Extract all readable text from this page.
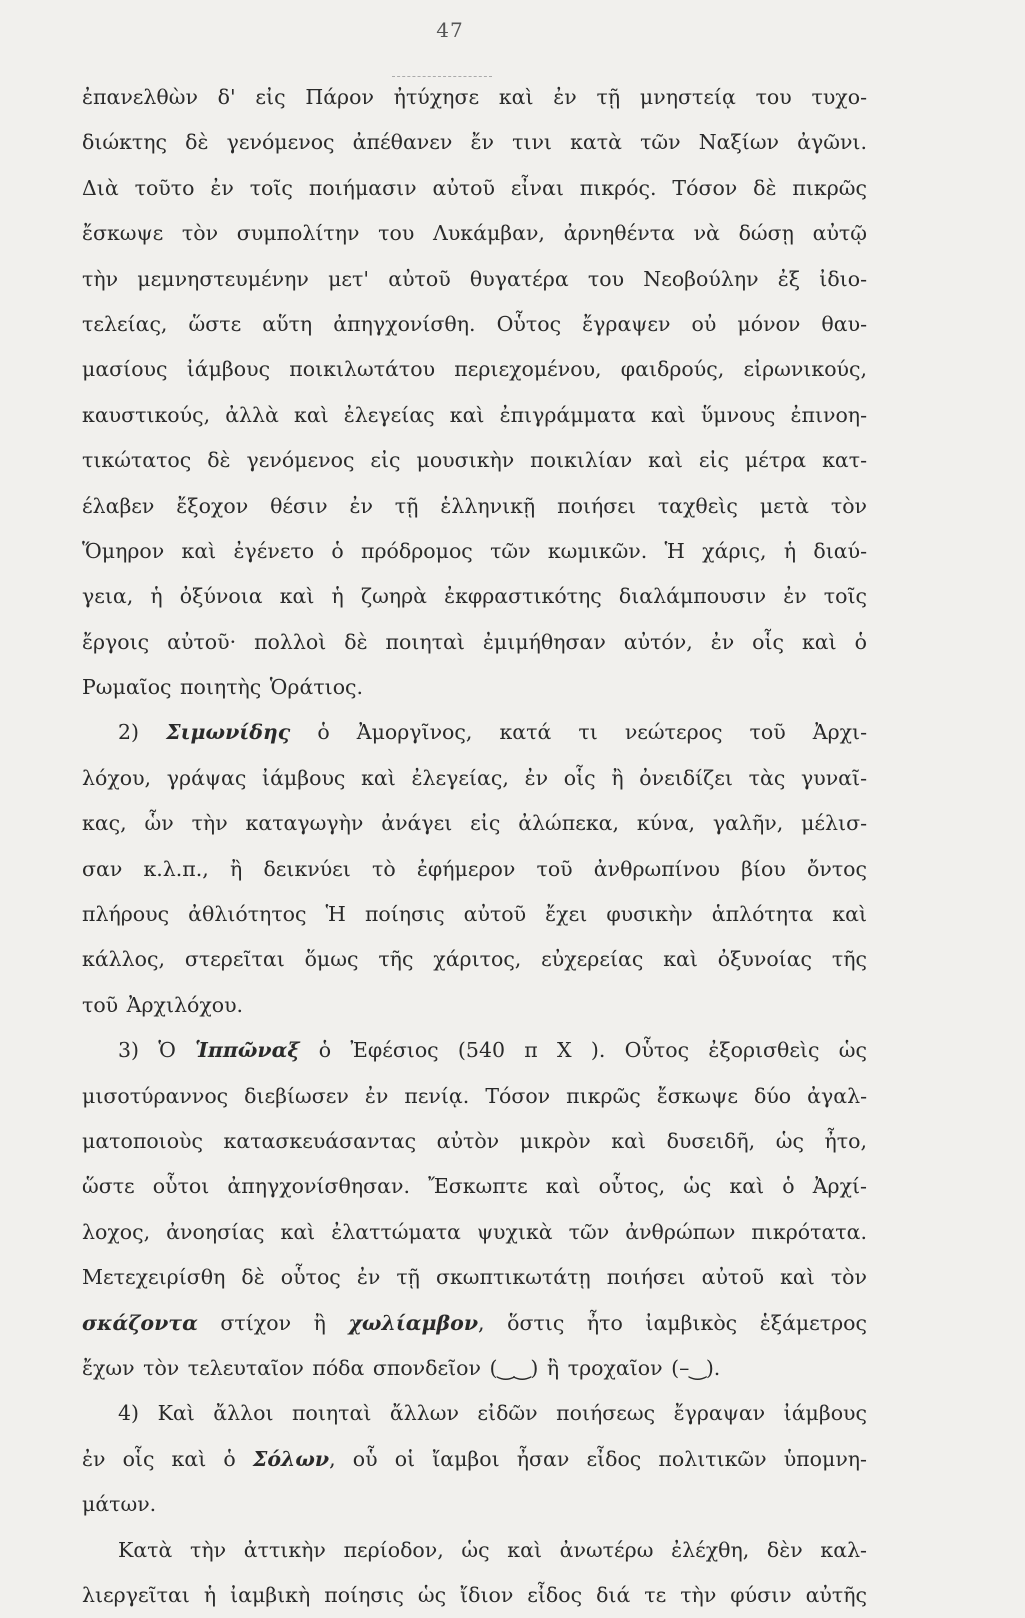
47
ἐπανελθὼν δ' εἰς Πάρον ἠτύχησε καὶ ἐν τῇ μνηστείᾳ του τυχο-
διώκτης δὲ γενόμενος ἀπέθανεν ἔν τινι κατὰ τῶν Ναξίων ἀγῶνι.
Διὰ τοῦτο ἐν τοῖς ποιήμασιν αὐτοῦ εἶναι πικρός. Τόσον δὲ πικρῶς
ἔσκωψε τὸν συμπολίτην του Λυκάμβαν, ἀρνηθέντα νὰ δώσῃ αὐτῷ
τὴν μεμνηστευμένην μετ' αὐτοῦ θυγατέρα του Νεοβούλην ἐξ ἰδιο-
τελείας, ὥστε αὕτη ἀπηγχονίσθη. Οὗτος ἔγραψεν οὐ μόνον θαυ-
μασίους ἰάμβους ποικιλωτάτου περιεχομένου, φαιδρούς, εἰρωνικούς,
καυστικούς, ἀλλὰ καὶ ἐλεγείας καὶ ἐπιγράμματα καὶ ὕμνους ἐπινοη-
τικώτατος δὲ γενόμενος εἰς μουσικὴν ποικιλίαν καὶ εἰς μέτρα κατ-
έλαβεν ἔξοχον θέσιν ἐν τῇ ἑλληνικῇ ποιήσει ταχθεὶς μετὰ τὸν
Ὅμηρον καὶ ἐγένετο ὁ πρόδρομος τῶν κωμικῶν. Ἡ χάρις, ἡ διαύ-
γεια, ἡ ὀξύνοια καὶ ἡ ζωηρὰ ἐκφραστικότης διαλάμπουσιν ἐν τοῖς
ἔργοις αὐτοῦ· πολλοὶ δὲ ποιηταὶ ἐμιμήθησαν αὐτόν, ἐν οἷς καὶ ὁ
Ρωμαῖος ποιητὴς Ὁράτιος.
2) Σιμωνίδης ὁ Ἀμοργῖνος, κατά τι νεώτερος τοῦ Ἀρχι-
λόχου, γράψας ἰάμβους καὶ ἐλεγείας, ἐν οἷς ἢ ὀνειδίζει τὰς γυναῖ-
κας, ὧν τὴν καταγωγὴν ἀνάγει εἰς ἀλώπεκα, κύνα, γαλῆν, μέλισ-
σαν κ.λ.π., ἢ δεικνύει τὸ ἐφήμερον τοῦ ἀνθρωπίνου βίου ὄντος
πλήρους ἀθλιότητος Ἡ ποίησις αὐτοῦ ἔχει φυσικὴν ἁπλότητα καὶ
κάλλος, στερεῖται ὅμως τῆς χάριτος, εὐχερείας καὶ ὀξυνοίας τῆς
τοῦ Ἀρχιλόχου.
3) Ὁ Ἱππῶναξ ὁ Ἐφέσιος (540 π Χ ). Οὗτος ἐξορισθεὶς ὡς
μισοτύραννος διεβίωσεν ἐν πενίᾳ. Τόσον πικρῶς ἔσκωψε δύο ἀγαλ-
ματοποιοὺς κατασκευάσαντας αὐτὸν μικρὸν καὶ δυσειδῆ, ὡς ἦτο,
ὥστε οὗτοι ἀπηγχονίσθησαν. Ἔσκωπτε καὶ οὗτος, ὡς καὶ ὁ Ἀρχί-
λοχος, ἀνοησίας καὶ ἐλαττώματα ψυχικὰ τῶν ἀνθρώπων πικρότατα.
Μετεχειρίσθη δὲ οὗτος ἐν τῇ σκωπτικωτάτῃ ποιήσει αὐτοῦ καὶ τὸν
σκάζοντα στίχον ἢ χωλίαμβον, ὅστις ἦτο ἰαμβικὸς ἑξάμετρος
ἔχων τὸν τελευταῖον πόδα σπονδεῖον (‿‿) ἢ τροχαῖον (–‿).
4) Καὶ ἄλλοι ποιηταὶ ἄλλων εἰδῶν ποιήσεως ἔγραψαν ἰάμβους
ἐν οἷς καὶ ὁ Σόλων, οὗ οἱ ἴαμβοι ἦσαν εἶδος πολιτικῶν ὑπομνη-
μάτων.
Κατὰ τὴν ἀττικὴν περίοδον, ὡς καὶ ἀνωτέρω ἐλέχθη, δὲν καλ-
λιεργεῖται ἡ ἰαμβικὴ ποίησις ὡς ἴδιον εἶδος διά τε τὴν φύσιν αὐτῆς
